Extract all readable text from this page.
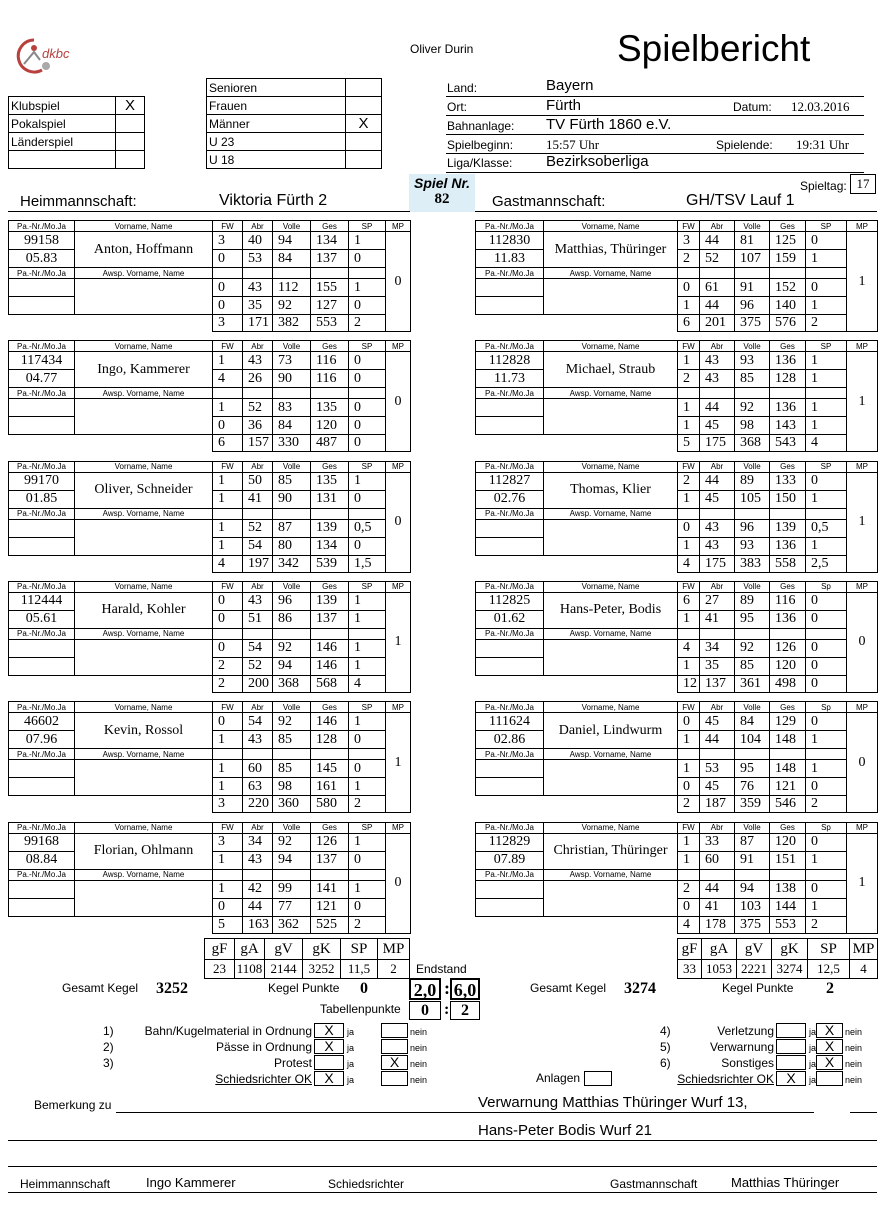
dkbc	Oliver Durin	Spielbericht
Klubspiel	X
Pokalspiel	
Länderspiel	

Senioren	
Frauen	
Männer	X
U 23	
U 18	
Land:	Bayern
Ort:	Fürth	Datum: 12.03.2016
Bahnanlage: TV Fürth 1860 e.V.
Spielbeginn:	15:57 Uhr	Spielende: 19:31 Uhr
Liga/Klasse: Bezirksoberliga
Spieltag: 17
Heimmannschaft:	Viktoria Fürth 2
Spiel Nr.
82	Gastmannschaft:	GH/TSV Lauf 1
Pa.-Nr./Mo.Ja	Vorname, Name	FW	Abr	Volle	Ges	SP	MP
99158	Anton, Hoffmann	3	40	94	134	1	0
05.83		0	53	84	137	0	
Pa.-Nr./Mo.Ja	Awsp. Vorname, Name						
		0	43	112	155	1	
		0	35	92	127	0	
		3	171	382	553	2	
Pa.-Nr./Mo.Ja	Vorname, Name	FW	Abr	Volle	Ges	SP	MP
117434	Ingo, Kammerer	1	43	73	116	0	0
04.77		4	26	90	116	0	
Pa.-Nr./Mo.Ja	Awsp. Vorname, Name						
		1	52	83	135	0	
		0	36	84	120	0	
		6	157	330	487	0	
Pa.-Nr./Mo.Ja	Vorname, Name	FW	Abr	Volle	Ges	SP	MP
99170	Oliver, Schneider	1	50	85	135	1	0
01.85		1	41	90	131	0	
Pa.-Nr./Mo.Ja	Awsp. Vorname, Name						
		1	52	87	139	0,5	
		1	54	80	134	0	
		4	197	342	539	1,5	
Pa.-Nr./Mo.Ja	Vorname, Name	FW	Abr	Volle	Ges	SP	MP
112444	Harald, Kohler	0	43	96	139	1	1
05.61		0	51	86	137	1	
Pa.-Nr./Mo.Ja	Awsp. Vorname, Name						
		0	54	92	146	1	
		2	52	94	146	1	
		2	200	368	568	4	
Pa.-Nr./Mo.Ja	Vorname, Name	FW	Abr	Volle	Ges	SP	MP
46602	Kevin, Rossol	0	54	92	146	1	1
07.96		1	43	85	128	0	
Pa.-Nr./Mo.Ja	Awsp. Vorname, Name						
		1	60	85	145	0	
		1	63	98	161	1	
		3	220	360	580	2	
Pa.-Nr./Mo.Ja	Vorname, Name	FW	Abr	Volle	Ges	SP	MP
99168	Florian, Ohlmann	3	34	92	126	1	0
08.84		1	43	94	137	0	
Pa.-Nr./Mo.Ja	Awsp. Vorname, Name						
		1	42	99	141	1	
		0	44	77	121	0	
		5	163	362	525	2	
Pa.-Nr./Mo.Ja	Vorname, Name	FW	Abr	Volle	Ges	SP	MP
112830	Matthias, Thüringer	3	44	81	125	0	1
11.83		2	52	107	159	1	
Pa.-Nr./Mo.Ja	Awsp. Vorname, Name						
		0	61	91	152	0	
		1	44	96	140	1	
		6	201	375	576	2	
Pa.-Nr./Mo.Ja	Vorname, Name	FW	Abr	Volle	Ges	SP	MP
112828	Michael, Straub	1	43	93	136	1	1
11.73		2	43	85	128	1	
Pa.-Nr./Mo.Ja	Awsp. Vorname, Name						
		1	44	92	136	1	
		1	45	98	143	1	
		5	175	368	543	4	
Pa.-Nr./Mo.Ja	Vorname, Name	FW	Abr	Volle	Ges	SP	MP
112827	Thomas, Klier	2	44	89	133	0	1
02.76		1	45	105	150	1	
Pa.-Nr./Mo.Ja	Awsp. Vorname, Name						
		0	43	96	139	0,5	
		1	43	93	136	1	
		4	175	383	558	2,5	
Pa.-Nr./Mo.Ja	Vorname, Name	FW	Abr	Volle	Ges	Sp	MP
112825	Hans-Peter, Bodis	6	27	89	116	0	0
01.62		1	41	95	136	0	
Pa.-Nr./Mo.Ja	Awsp. Vorname, Name						
		4	34	92	126	0	
		1	35	85	120	0	
		12	137	361	498	0	
Pa.-Nr./Mo.Ja	Vorname, Name	FW	Abr	Volle	Ges	Sp	MP
111624	Daniel, Lindwurm	0	45	84	129	0	0
02.86		1	44	104	148	1	
Pa.-Nr./Mo.Ja	Awsp. Vorname, Name						
		1	53	95	148	1	
		0	45	76	121	0	
		2	187	359	546	2	
Pa.-Nr./Mo.Ja	Vorname, Name	FW	Abr	Volle	Ges	Sp	MP
112829	Christian, Thüringer	1	33	87	120	0	1
07.89		1	60	91	151	1	
Pa.-Nr./Mo.Ja	Awsp. Vorname, Name						
		2	44	94	138	0	
		0	41	103	144	1	
		4	178	375	553	2	
gF	gA	gV	gK	SP	MP
23	1108	2144	3252	11,5	2
gF	gA	gV	gK	SP	MP
33	1053	2221	3274	12,5	4
Endstand
Gesamt Kegel 3252	Kegel Punkte 0	2,0 : 6,0
Tabellenpunkte	0 : 2
Gesamt Kegel 3274	Kegel Punkte 2
1)	Bahn/Kugelmaterial in Ordnung X	ja	nein
2)	Pässe in Ordnung X	ja	nein
3)	Protest	ja	X	nein
Schiedsrichter OK X	ja	nein
4)	Verletzung	ja X	nein
5)	Verwarnung	ja X	nein
6)	Sonstiges	ja X	nein
Schiedsrichter OK X	ja	nein
Anlagen
Bemerkung zu	Verwarnung Matthias Thüringer Wurf 13,
Hans-Peter Bodis Wurf 21
Heimmannschaft	Ingo Kammerer	Schiedsrichter	Gastmannschaft	Matthias Thüringer
